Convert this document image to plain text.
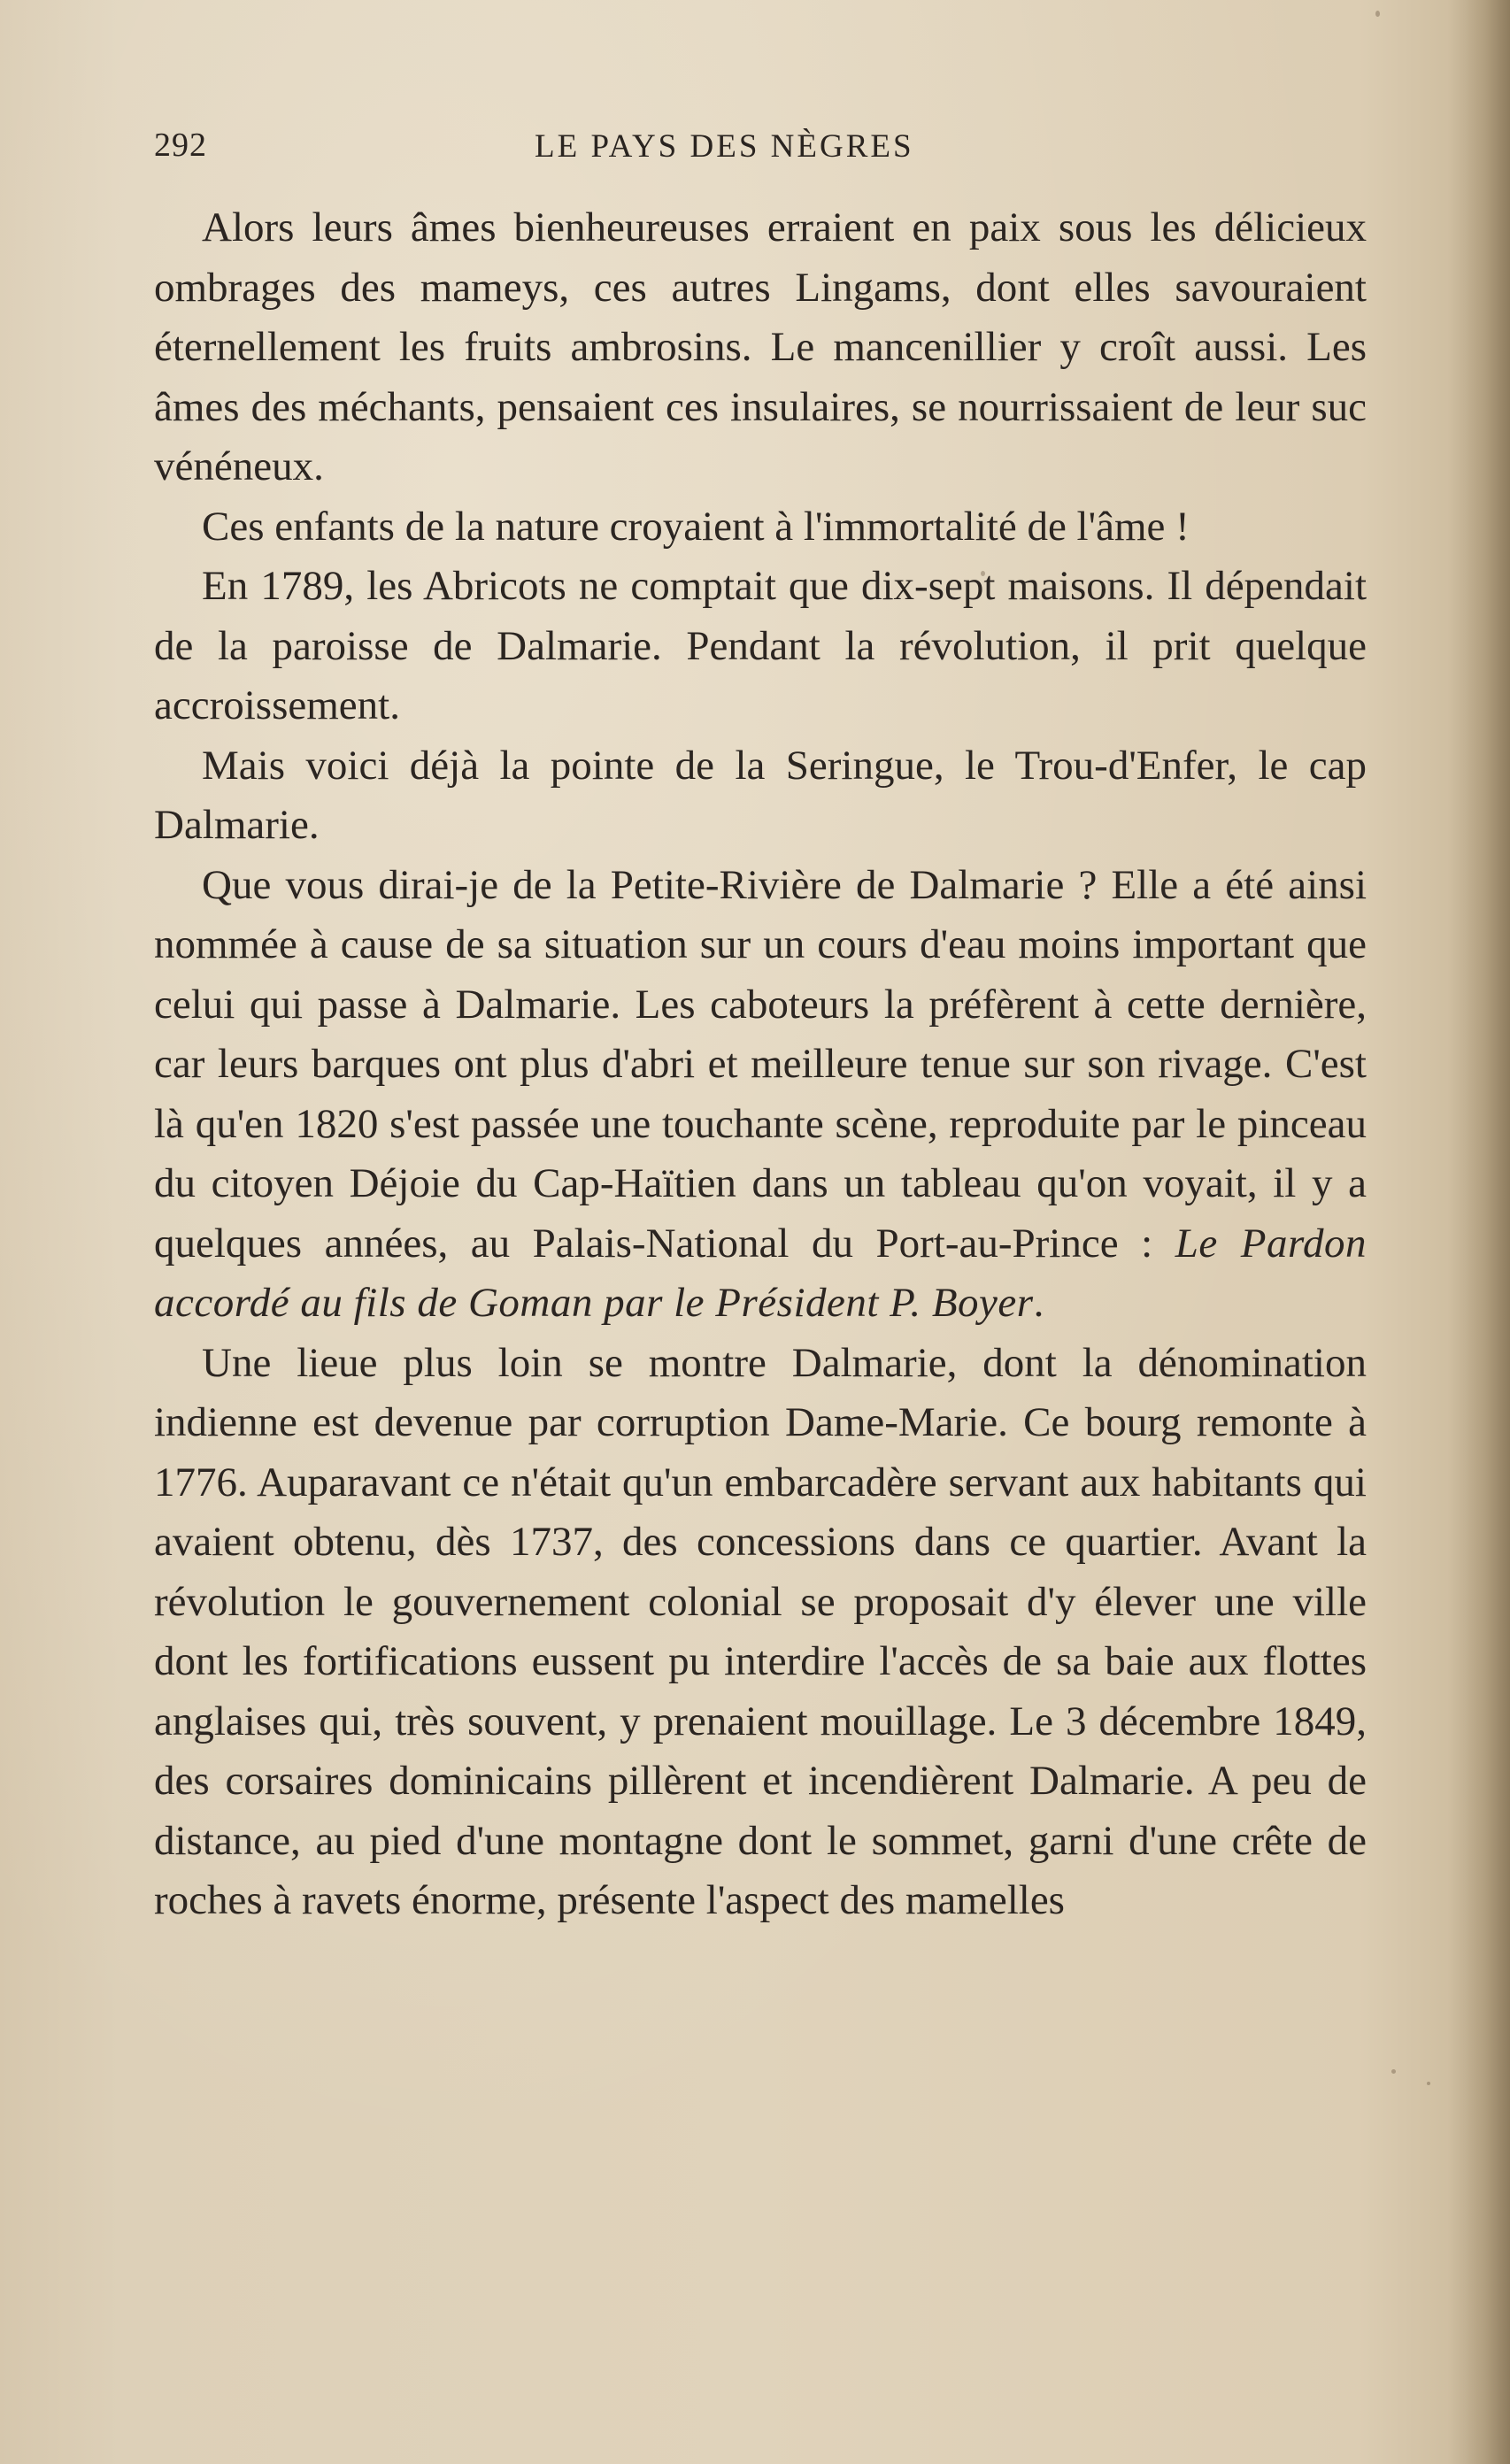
292	LE PAYS DES NÈGRES

Alors leurs âmes bienheureuses erraient en paix sous les délicieux ombrages des mameys, ces autres Lingams, dont elles savouraient éternellement les fruits ambrosins. Le mancenillier y croît aussi. Les âmes des méchants, pensaient ces insulaires, se nourrissaient de leur suc vénéneux.

Ces enfants de la nature croyaient à l'immortalité de l'âme !

En 1789, les Abricots ne comptait que dix-sept maisons. Il dépendait de la paroisse de Dalmarie. Pendant la révolution, il prit quelque accroissement.

Mais voici déjà la pointe de la Seringue, le Trou-d'Enfer, le cap Dalmarie.

Que vous dirai-je de la Petite-Rivière de Dalmarie ? Elle a été ainsi nommée à cause de sa situation sur un cours d'eau moins important que celui qui passe à Dalmarie. Les caboteurs la préfèrent à cette dernière, car leurs barques ont plus d'abri et meilleure tenue sur son rivage. C'est là qu'en 1820 s'est passée une touchante scène, reproduite par le pinceau du citoyen Déjoie du Cap-Haïtien dans un tableau qu'on voyait, il y a quelques années, au Palais-National du Port-au-Prince : Le Pardon accordé au fils de Goman par le Président P. Boyer.

Une lieue plus loin se montre Dalmarie, dont la dénomination indienne est devenue par corruption Dame-Marie. Ce bourg remonte à 1776. Auparavant ce n'était qu'un embarcadère servant aux habitants qui avaient obtenu, dès 1737, des concessions dans ce quartier. Avant la révolution le gouvernement colonial se proposait d'y élever une ville dont les fortifications eussent pu interdire l'accès de sa baie aux flottes anglaises qui, très souvent, y prenaient mouillage. Le 3 décembre 1849, des corsaires dominicains pillèrent et incendièrent Dalmarie. A peu de distance, au pied d'une montagne dont le sommet, garni d'une crête de roches à ravets énorme, présente l'aspect des mamelles
